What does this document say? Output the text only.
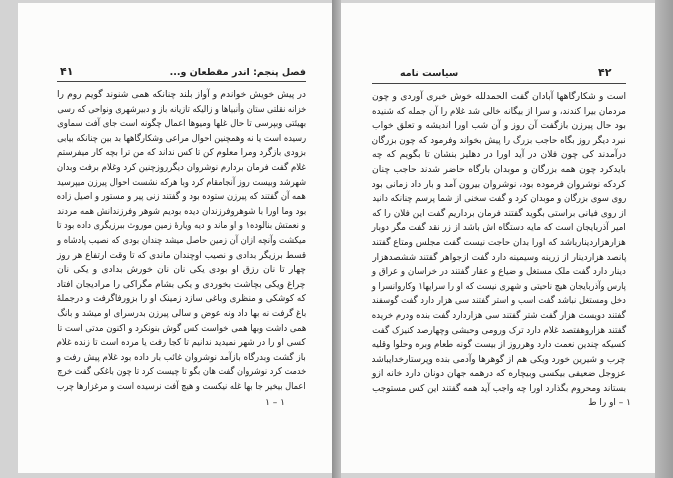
۴۱	فصل پنجم: اندر مقطعان و...
در پیش خویش خواندم و آواز بلند چنانکه همی شنوند گویم روم را
خزانه نقلتی ستان وأنبیاها و زالیکه تازیانه باز و دبیرشهری ونواحی که رسی
بهیئتی وبپرسی تا حال غلها ومیوها اعمال چگونه است جای آفت سماوی
رسیده است یا نه وهمچنین احوال مراعی وشکارگاهها بد بین چنانکه بیابی
بزودی بازگرد ومرا معلوم کن تا کس نداند که من ترا بچه کار میفرستم
غلام گفت فرمان بردارم نوشروان دیگرروزچنین کرد وغلام برفت وبدان
شهرشد وبیست روز آنجامقام کرد وبا هرکه نشست احوال پیرزن میپرسید
همه آن گفتند که پیرزن ستوده بود و گفتند زنی پیر و مستور و اصیل زاده
بود وما اورا با شوهروفرزندان دیده بودیم شوهر وفرزندانش همه مردند
و نعمتش بنالوده۱ و او ماند و دیه ویارهٔ زمین موروث ببرزیگری داده بود تا
میکشت وآنچه ازان آن زمین حاصل میشد چندان بودی که نصیب پادشاه و
قسط برزیگر بدادی و نصیب اوچندان ماندی که تا وقت ارتفاع هر روز
چهار تا نان رزق او بودی یکی نان نان خورش بدادی و یکی نان
چراغ ویکی بچاشت بخوردی و یکی بشام مگراکی را مرادیجان افتاد
که کوشکی و منظری وباغی سازد زمینک او را بزورفاگرفت و درجملهٔ
باغ گرفت نه بها داد ونه عوض و سالی پیرزن بدرسرای او میشد و بانگ
همی داشت وبها همی خواست کس گوش بنونکرد و اکنون مدتی است تا
کسی او را در شهر نمیدید ندانیم تا کجا رفت یا مرده است تا زنده غلام
باز گشت وبدرگاه بازآمد نوشروان غائب بار داده بود غلام پیش رفت و
خدمت کرد نوشروان گفت هان بگو تا چیست کرد تا چون باغکی گفت خرچ
اعمال بیخیر جا بها غله نیکست و هیچ آفت نرسیده است و مرغزارها چرب
۱ – ۱
۴۲
سیاست نامه
است و شکارگاهها آبادان گفت الحمدلله خوش خبری آوردی و چون
مردمان بیرا کندند، و سرا از بیگانه خالی شد غلام را آن جمله که شنیده
بود حال پیرزن بازگفت آن روز و آن شب اورا اندیشه و تعلق خواب
نبرد دیگر روز بگاه حاجب بزرگ را پیش بخواند وفرمود که چون بزرگان
درآمدند کی چون فلان در آید اورا در دهلیز بنشان تا بگویم که چه
بایدکرد چون همه بزرگان و موبدان بارگاه حاضر شدند حاجب چنان
کردکه نوشروان فرموده بود، نوشروان بیرون آمد و بار داد زمانی بود
روی سوی بزرگان و موبدان کرد و گفت سخنی از شما پرسم چنانکه دانید
از روی فیانی براستی بگوید گفتند فرمان برداریم گفت این فلان را که
امیر آذربایجان است که مایه دستگاه اش باشد از زر نقد گفت مگر دوبار
هزارهزاردینارباشد که اورا بدان حاجت نیست گفت مجلس ومتاع گفتند
پانصد هزاردینار از زرینه وسیمینه دارد گفت ازجواهر گفتند ششصدهزار
دینار دارد گفت ملک مستغل و ضیاع و عقار گفتند در خراسان و عراق و
پارس وآذربایجان هیچ ناحیتی و شهری نیست که او را سرایها۱ وکاروانسرا و
دخل ومستغل نباشد گفت اسب و استر گفتند سی هزار دارد گفت گوسفند
گفتند دویست هزار گفت شتر گفتند سی هزاردارد گفت بنده ودرم خریده
گفتند هزاروهفتصد غلام دارد ترک ورومی وحبشی وچهارصد کنیزک گفت
کسیکه چندین نعمت دارد وهرروز از بیست گونه طعام وبره وحلوا وقلیه
چرب و شیرین خورد ویکی هم از گوهرها وآدمی بنده وپرستارخدایباشد
عزوجل ضعیفی بیکسی وبیچاره که درهمه جهان دونان دارد خانه ازو
بستاند ومحروم بگذارد اورا چه واجب آید همه گفتند این کس مستوجب
۱ – او را ط
